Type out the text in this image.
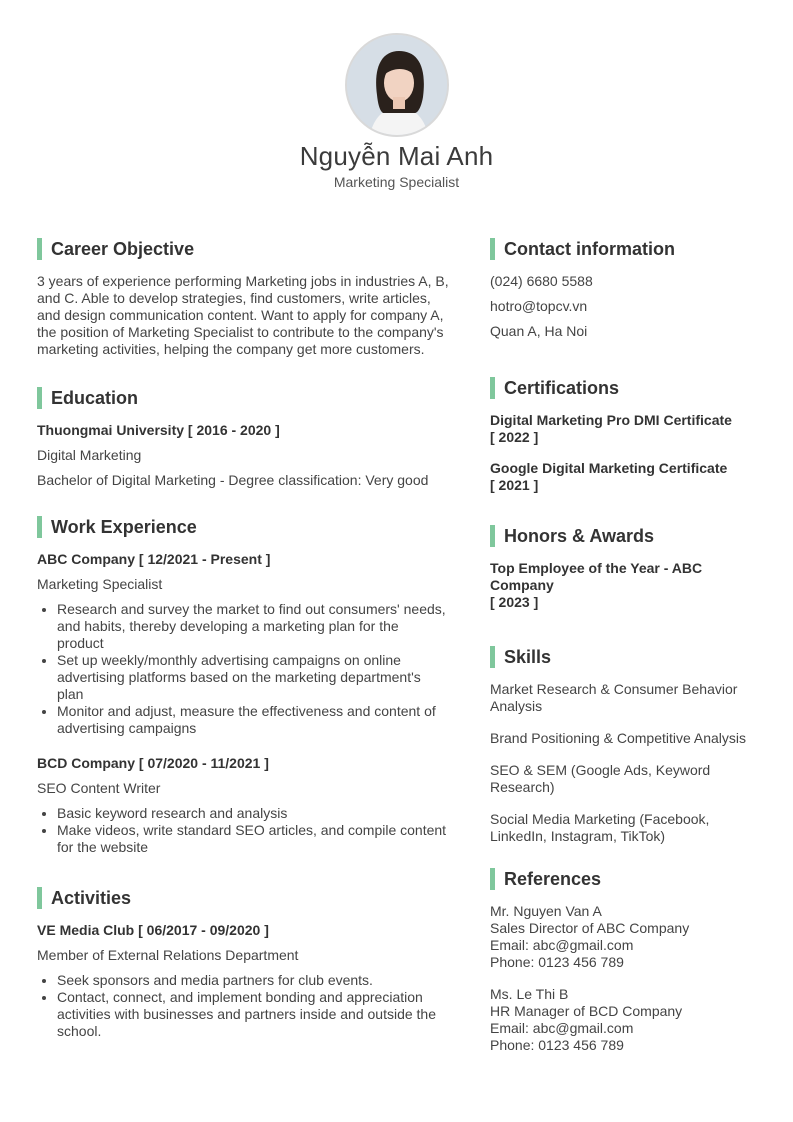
Nguyễn Mai Anh
Marketing Specialist
Career Objective
3 years of experience performing Marketing jobs in industries A, B, and C. Able to develop strategies, find customers, write articles, and design communication content. Want to apply for company A, the position of Marketing Specialist to contribute to the company's marketing activities, helping the company get more customers.
Education
Thuongmai University [ 2016 - 2020 ]
Digital Marketing
Bachelor of Digital Marketing - Degree classification: Very good
Work Experience
ABC Company [ 12/2021 - Present ]
Marketing Specialist
Research and survey the market to find out consumers' needs, and habits, thereby developing a marketing plan for the product
Set up weekly/monthly advertising campaigns on online advertising platforms based on the marketing department's plan
Monitor and adjust, measure the effectiveness and content of advertising campaigns
BCD Company [ 07/2020 - 11/2021 ]
SEO Content Writer
Basic keyword research and analysis
Make videos, write standard SEO articles, and compile content for the website
Activities
VE Media Club [ 06/2017 - 09/2020 ]
Member of External Relations Department
Seek sponsors and media partners for club events.
Contact, connect, and implement bonding and appreciation activities with businesses and partners inside and outside the school.
Contact information
(024) 6680 5588
hotro@topcv.vn
Quan A, Ha Noi
Certifications
Digital Marketing Pro DMI Certificate
[ 2022 ]
Google Digital Marketing Certificate
[ 2021 ]
Honors & Awards
Top Employee of the Year - ABC Company
[ 2023 ]
Skills
Market Research & Consumer Behavior Analysis
Brand Positioning & Competitive Analysis
SEO & SEM (Google Ads, Keyword Research)
Social Media Marketing (Facebook, LinkedIn, Instagram, TikTok)
References
Mr. Nguyen Van A
Sales Director of ABC Company
Email: abc@gmail.com
Phone: 0123 456 789
Ms. Le Thi B
HR Manager of BCD Company
Email: abc@gmail.com
Phone: 0123 456 789
